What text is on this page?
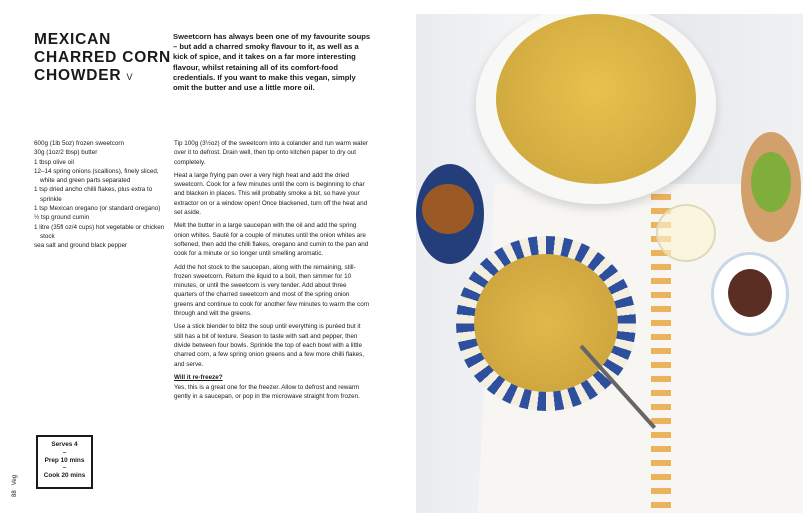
MEXICAN
CHARRED CORN
CHOWDER V
Sweetcorn has always been one of my favourite soups – but add a charred smoky flavour to it, as well as a kick of spice, and it takes on a far more interesting flavour, whilst retaining all of its comfort-food credentials. If you want to make this vegan, simply omit the butter and use a little more oil.
600g (1lb 5oz) frozen sweetcorn
30g (1oz/2 tbsp) butter
1 tbsp olive oil
12–14 spring onions (scallions), finely sliced, white and green parts separated
1 tsp dried ancho chilli flakes, plus extra to sprinkle
1 tsp Mexican oregano (or standard oregano)
½ tsp ground cumin
1 litre (35fl oz/4 cups) hot vegetable or chicken stock
sea salt and ground black pepper

Tip 100g (3½oz) of the sweetcorn into a colander and run warm water over it to defrost. Drain well, then tip onto kitchen paper to dry out completely.

Heat a large frying pan over a very high heat and add the dried sweetcorn. Cook for a few minutes until the corn is beginning to char and blacken in places. This will probably smoke a bit, so have your extractor on or a window open! Once blackened, turn off the heat and set aside.

Melt the butter in a large saucepan with the oil and add the spring onion whites. Sauté for a couple of minutes until the onion whites are softened, then add the chilli flakes, oregano and cumin to the pan and cook for a minute or so longer until smelling aromatic.

Add the hot stock to the saucepan, along with the remaining, still-frozen sweetcorn. Return the liquid to a boil, then simmer for 10 minutes, or until the sweetcorn is very tender. Add about three quarters of the charred sweetcorn and most of the spring onion greens and continue to cook for another few minutes to warm the corn through and wilt the greens.

Use a stick blender to blitz the soup until everything is puréed but it still has a bit of texture. Season to taste with salt and pepper, then divide between four bowls. Sprinkle the top of each bowl with a little charred corn, a few spring onion greens and a few more chilli flakes, and serve.

Will it re-freeze?

Yes, this is a great one for the freezer. Allow to defrost and rewarm gently in a saucepan, or pop in the microwave straight from frozen.

Serves 4
–
Prep 10 mins
–
Cook 20 mins
88   Veg
